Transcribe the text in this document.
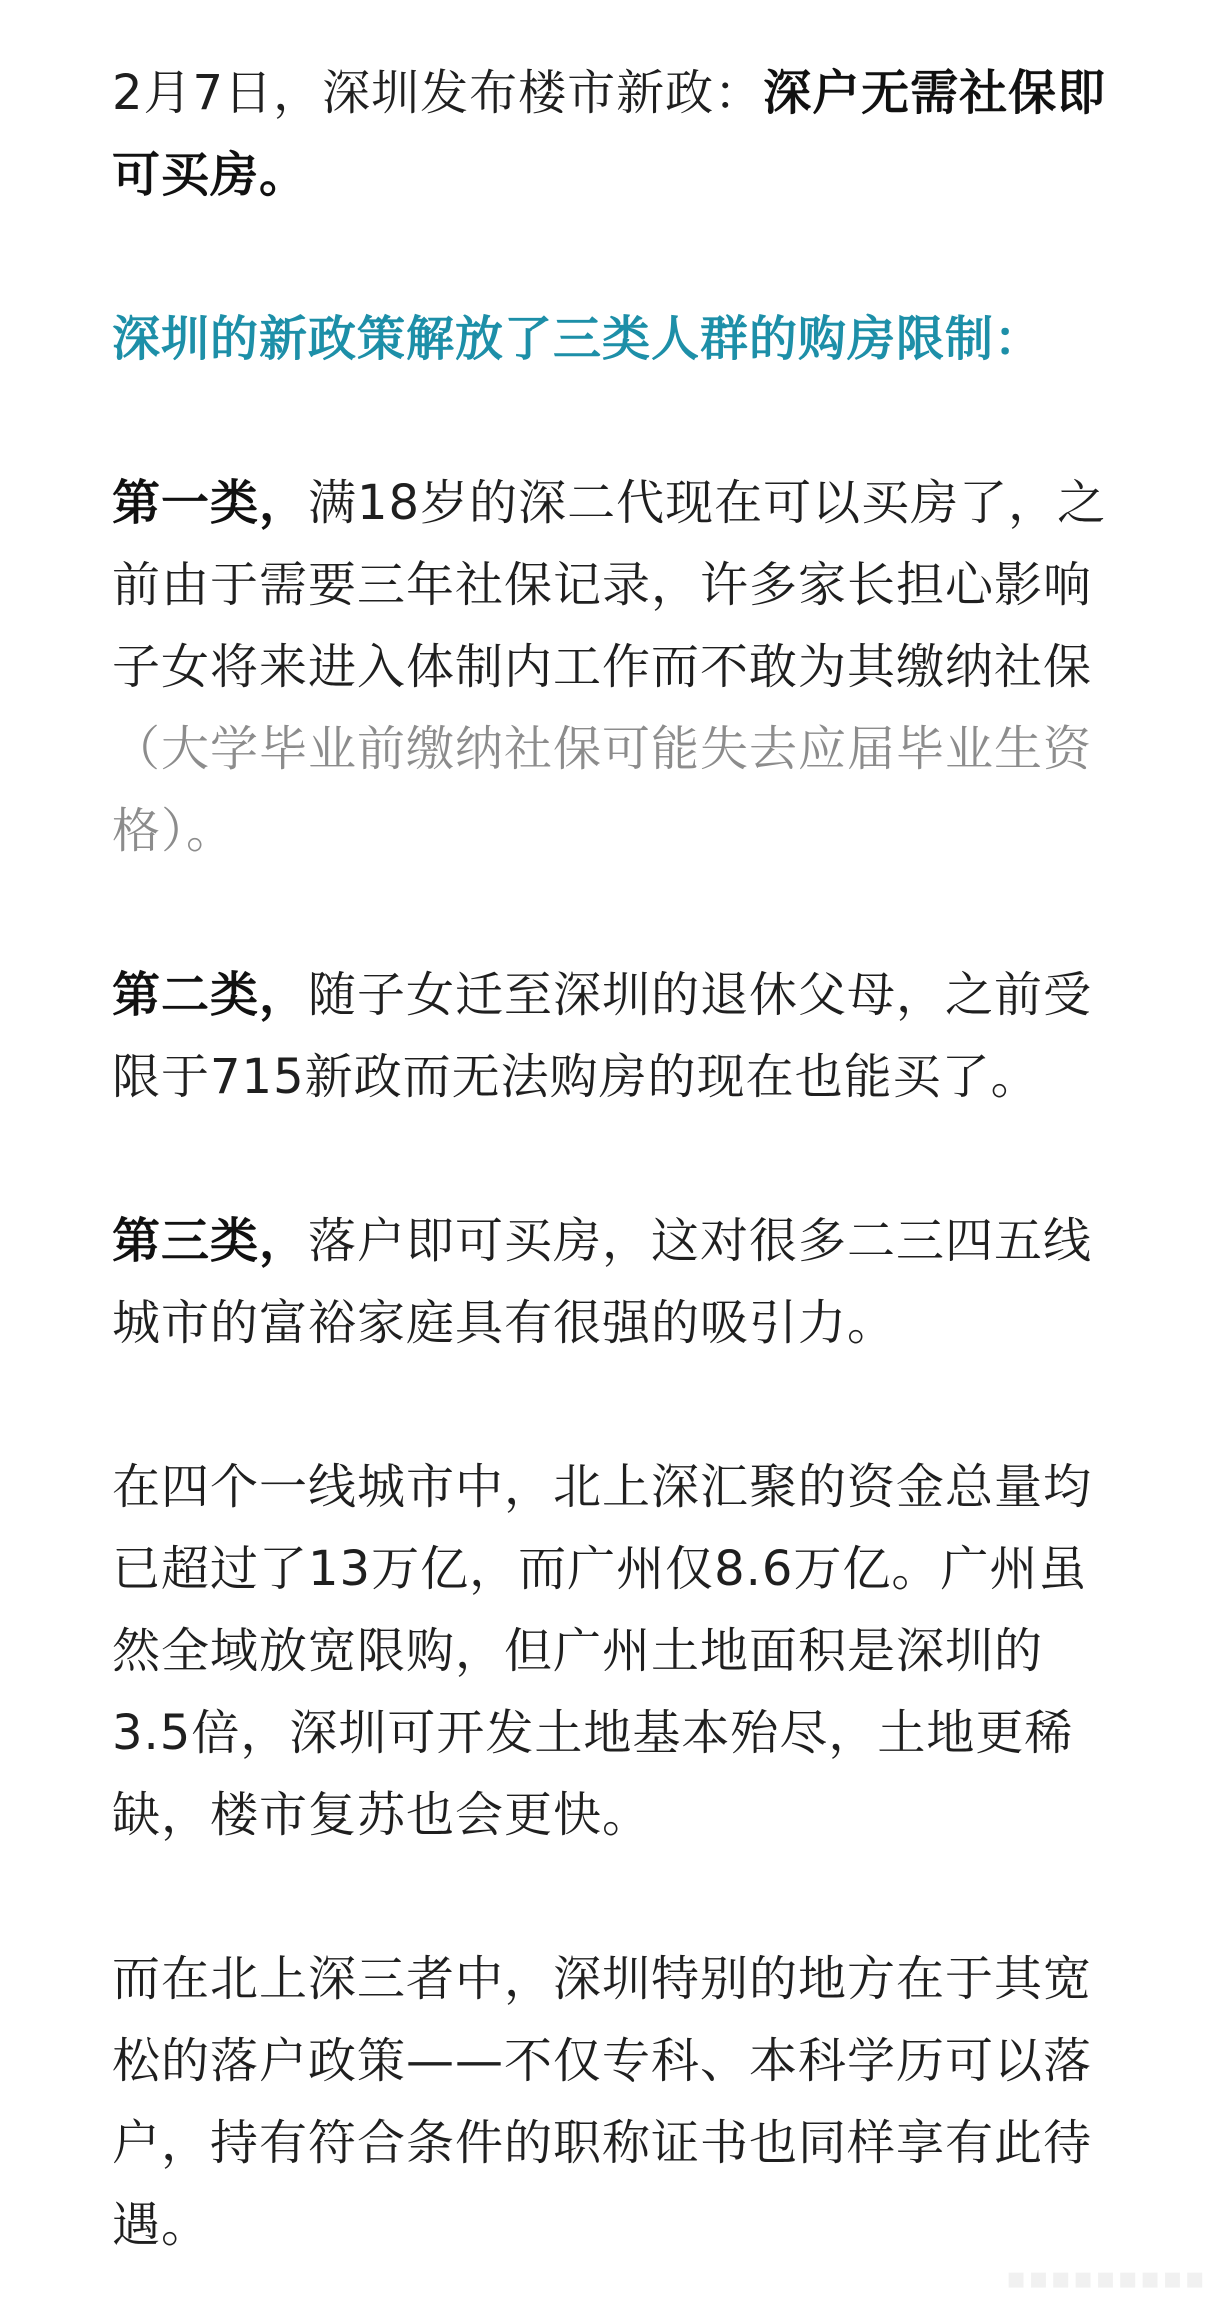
2月7日，深圳发布楼市新政：深户无需社保即可买房。

深圳的新政策解放了三类人群的购房限制：

第一类，满18岁的深二代现在可以买房了，之前由于需要三年社保记录，许多家长担心影响子女将来进入体制内工作而不敢为其缴纳社保（大学毕业前缴纳社保可能失去应届毕业生资格）。

第二类，随子女迁至深圳的退休父母，之前受限于715新政而无法购房的现在也能买了。

第三类，落户即可买房，这对很多二三四五线城市的富裕家庭具有很强的吸引力。

在四个一线城市中，北上深汇聚的资金总量均已超过了13万亿，而广州仅8.6万亿。广州虽然全域放宽限购，但广州土地面积是深圳的3.5倍，深圳可开发土地基本殆尽，土地更稀缺，楼市复苏也会更快。

而在北上深三者中，深圳特别的地方在于其宽松的落户政策——不仅专科、本科学历可以落户，持有符合条件的职称证书也同样享有此待遇。

▪▪▪▪▪▪▪▪▪
